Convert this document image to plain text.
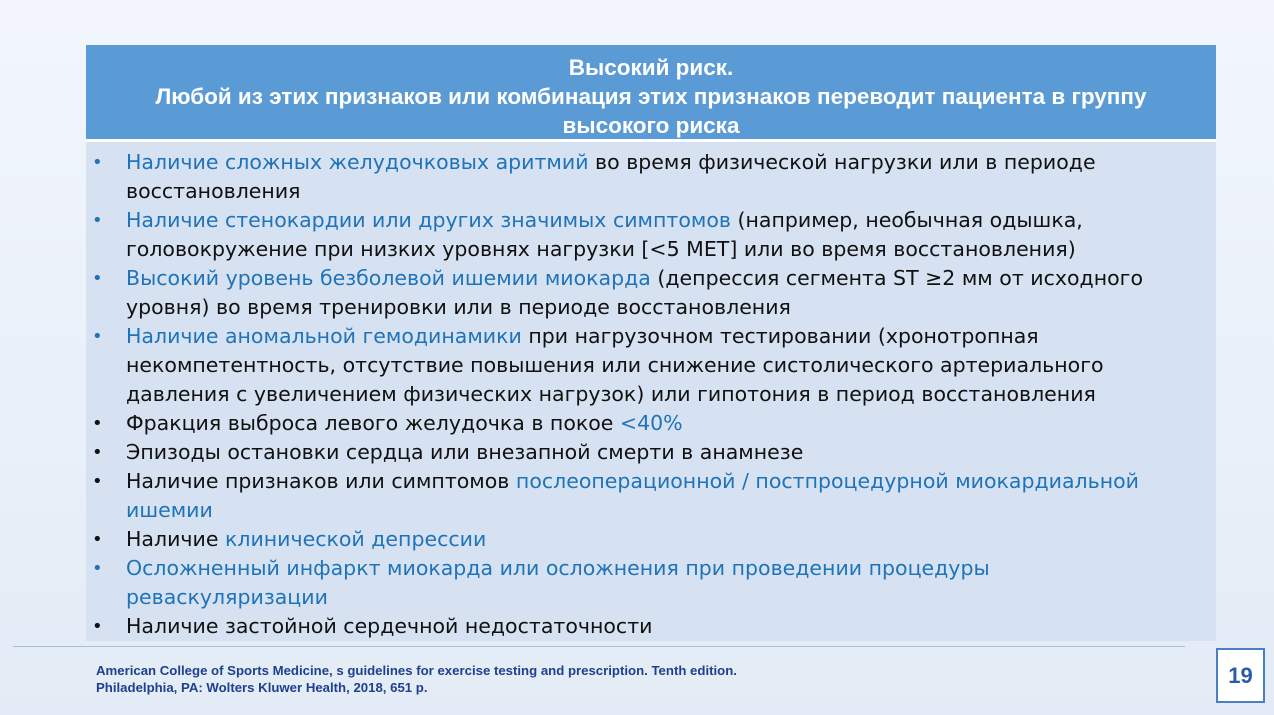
Высокий риск.
Любой из этих признаков или комбинация этих признаков переводит пациента в группу
высокого риска
• Наличие сложных желудочковых аритмий во время физической нагрузки или в периоде
восстановления
• Наличие стенокардии или других значимых симптомов (например, необычная одышка,
головокружение при низких уровнях нагрузки [<5 МЕТ] или во время восстановления)
• Высокий уровень безболевой ишемии миокарда (депрессия сегмента ST ≥2 мм от исходного
уровня) во время тренировки или в периоде восстановления
• Наличие аномальной гемодинамики при нагрузочном тестировании (хронотропная
некомпетентность, отсутствие повышения или снижение систолического артериального
давления с увеличением физических нагрузок) или гипотония в период восстановления
• Фракция выброса левого желудочка в покое <40%
• Эпизоды остановки сердца или внезапной смерти в анамнезе
• Наличие признаков или симптомов послеоперационной / постпроцедурной миокардиальной
ишемии
• Наличие клинической депрессии
• Осложненный инфаркт миокарда или осложнения при проведении процедуры
реваскуляризации
• Наличие застойной сердечной недостаточности
American College of Sports Medicine, s guidelines for exercise testing and prescription. Tenth edition.
Philadelphia, PA: Wolters Kluwer Health, 2018, 651 p.	19
